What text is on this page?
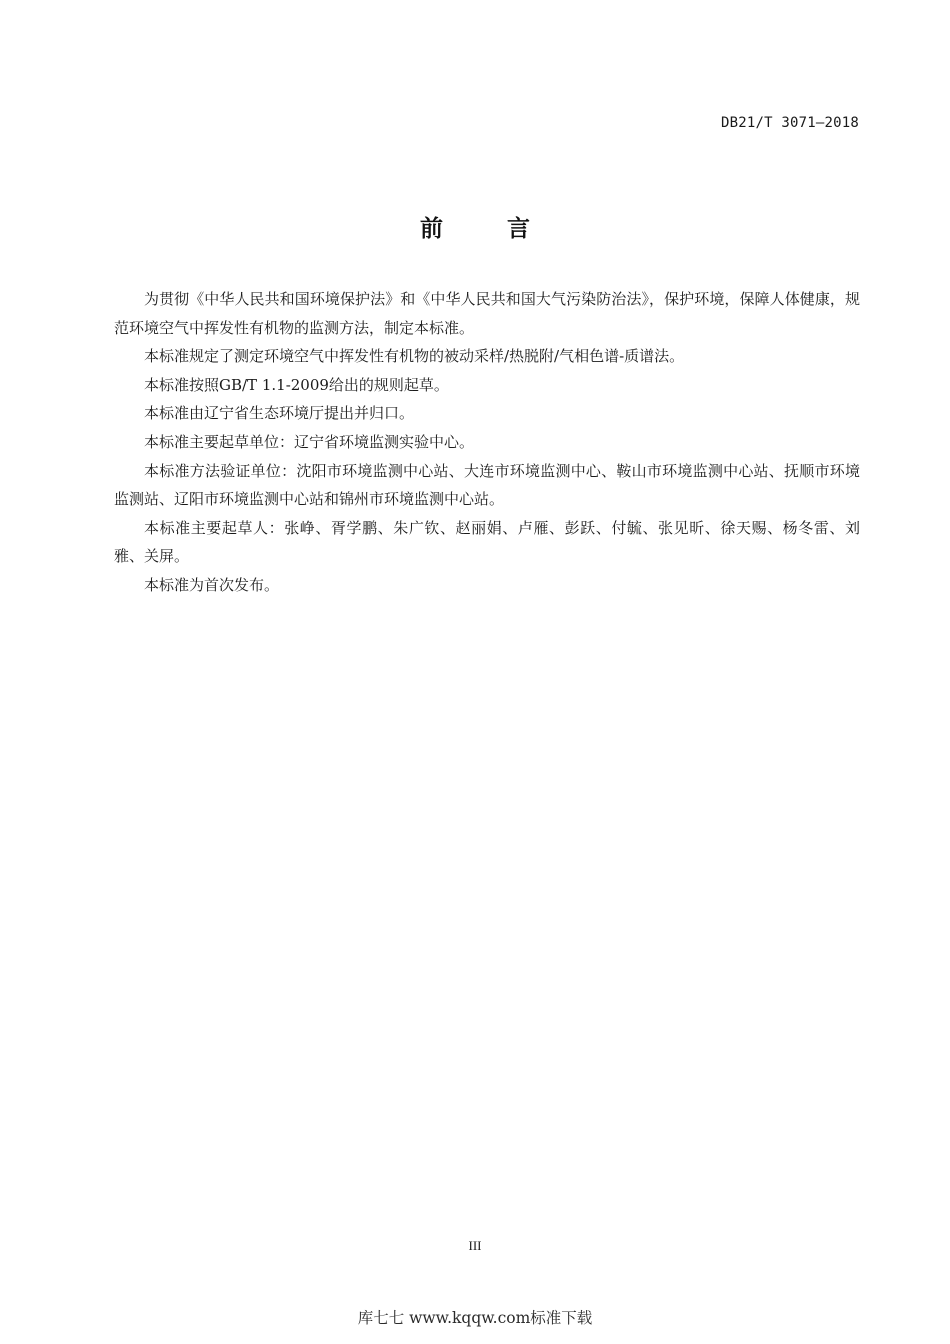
DB21/T 3071—2018
前 言

为贯彻《中华人民共和国环境保护法》和《中华人民共和国大气污染防治法》，保护环境，保障人体健康，规范环境空气中挥发性有机物的监测方法，制定本标准。

本标准规定了测定环境空气中挥发性有机物的被动采样/热脱附/气相色谱-质谱法。

本标准按照GB/T 1.1-2009给出的规则起草。

本标准由辽宁省生态环境厅提出并归口。

本标准主要起草单位：辽宁省环境监测实验中心。

本标准方法验证单位：沈阳市环境监测中心站、大连市环境监测中心、鞍山市环境监测中心站、抚顺市环境监测站、辽阳市环境监测中心站和锦州市环境监测中心站。

本标准主要起草人：张峥、胥学鹏、朱广钦、赵丽娟、卢雁、彭跃、付毓、张见昕、徐天赐、杨冬雷、刘雅、关屏。

本标准为首次发布。

III
库七七 www.kqqw.com标准下载
